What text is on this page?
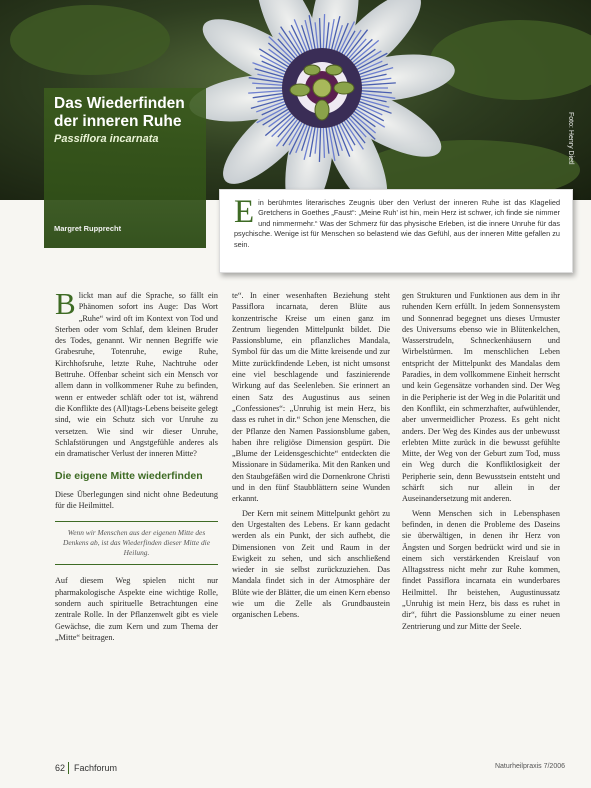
Foto: Henry Dietl
Das Wiederfinden
der inneren Ruhe
Passiflora incarnata
Margret Rupprecht	E in berühmtes literarisches Zeugnis über den Verlust der inneren Ruhe ist das Klagelied Gretchens in Goethes „Faust“: „Meine Ruh' ist hin, mein Herz ist schwer, ich finde sie nimmer und nimmermehr.“ Was der Schmerz für das physische Erleben, ist die innere Unruhe für das psychische. Wenige ist für Menschen so belastend wie das Gefühl, aus der inneren Mitte gefallen zu sein.

Blickt man auf die Sprache, so fällt ein Phänomen sofort ins Auge: Das Wort „Ruhe“ wird oft im Kontext von Tod und Sterben oder vom Schlaf, dem kleinen Bruder des Todes, genannt. Wir nennen Begriffe wie Grabesruhe, Totenruhe, ewige Ruhe, Kirchhofsruhe, letzte Ruhe, Nachtruhe oder Bettruhe. Offenbar scheint sich ein Mensch vor allem dann in vollkommener Ruhe zu befinden, wenn er entweder schläft oder tot ist, während die Konflikte des (All)tags-Lebens beiseite gelegt sind, wie ein Schutz sich vor Unruhe zu versetzen. Wie sind wir dieser Unruhe, Schlafstörungen und Angstgefühle anderes als ein dramatischer Verlust der inneren Mitte?

Die eigene Mitte wiederfinden

Diese Überlegungen sind nicht ohne Bedeutung für die Heilmittel.

Wenn wir Menschen aus der eigenen Mitte des Denkens ab, ist das Wiederfinden dieser Mitte die Heilung.

Auf diesem Weg spielen nicht nur pharmakologische Aspekte eine wichtige Rolle, sondern auch spirituelle Betrachtungen eine zentrale Rolle. In der Pflanzenwelt gibt es viele Gewächse, die zum Kern und zum Thema der „Mitte“ beitragen.

te“. In einer wesenhaften Beziehung steht Passiflora incarnata, deren Blüte aus konzentrische Kreise um einen ganz im Zentrum liegenden Mittelpunkt bildet. Die Passionsblume, ein pflanzliches Mandala, Symbol für das um die Mitte kreisende und zur Mitte zurückfindende Leben, ist nicht umsonst eine viel beschlagende und faszinierende Wirkung auf das Seelenleben. Sie erinnert an einen Satz des Augustinus aus seinen „Confessiones“: „Unruhig ist mein Herz, bis dass es ruhet in dir.“ Schon jene Menschen, die der Pflanze den Namen Passionsblume gaben, haben ihre religiöse Dimension gespürt. Die „Blume der Leidensgeschichte“ entdeckten die Missionare in Südamerika. Mit den Ranken und den Staubgefäßen wird die Dornenkrone Christi und in den fünf Staubblättern seine Wunden erkannt.

Der Kern mit seinem Mittelpunkt gehört zu den Urgestalten des Lebens. Er kann gedacht werden als ein Punkt, der sich aufhebt, die Dimensionen von Zeit und Raum in der Ewigkeit zu sehen, und sich anschließend wieder in sie selbst zurückzuziehen. Das Mandala findet sich in der Atmosphäre der Blüte wie der Blätter, die um einen Kern ebenso wie um die Zelle als Grundbaustein organischen Lebens.

gen Strukturen und Funktionen aus dem in ihr ruhenden Kern erfüllt. In jedem Sonnensystem und Sonnenrad begegnet uns dieses Urmuster des Universums ebenso wie in Blütenkelchen, Wasserstrudeln, Schneckenhäusern und Wirbelstürmen. Im menschlichen Leben entspricht der Mittelpunkt des Mandalas dem Paradies, in dem vollkommene Einheit herrscht und kein Gegensätze vorhanden sind. Der Weg in die Peripherie ist der Weg in die Polarität und den Konflikt, ein schmerzhafter, aufwühlender, aber unvermeidlicher Prozess. Es geht nicht anders. Der Weg des Kindes aus der unbewusst erlebten Mitte zurück in die bewusst gefühlte Mitte, der Weg von der Geburt zum Tod, muss ein Weg durch die Konfliktlosigkeit der Peripherie sein, denn Bewusstsein entsteht und schärft sich nur allein in der Auseinandersetzung mit anderen.

Wenn Menschen sich in Lebensphasen befinden, in denen die Probleme des Daseins sie überwältigen, in denen ihr Herz von Ängsten und Sorgen bedrückt wird und sie in einem sich verstärkenden Kreislauf von Alltagsstress nicht mehr zur Ruhe kommen, findet Passiflora incarnata ein wunderbares Heilmittel. Ihr beistehen, Augustinussatz „Unruhig ist mein Herz, bis dass es ruhet in dir“, führt die Passionsblume zu einer neuen Zentrierung und zur Mitte der Seele.

62 Fachforum	Naturheilpraxis 7/2006
